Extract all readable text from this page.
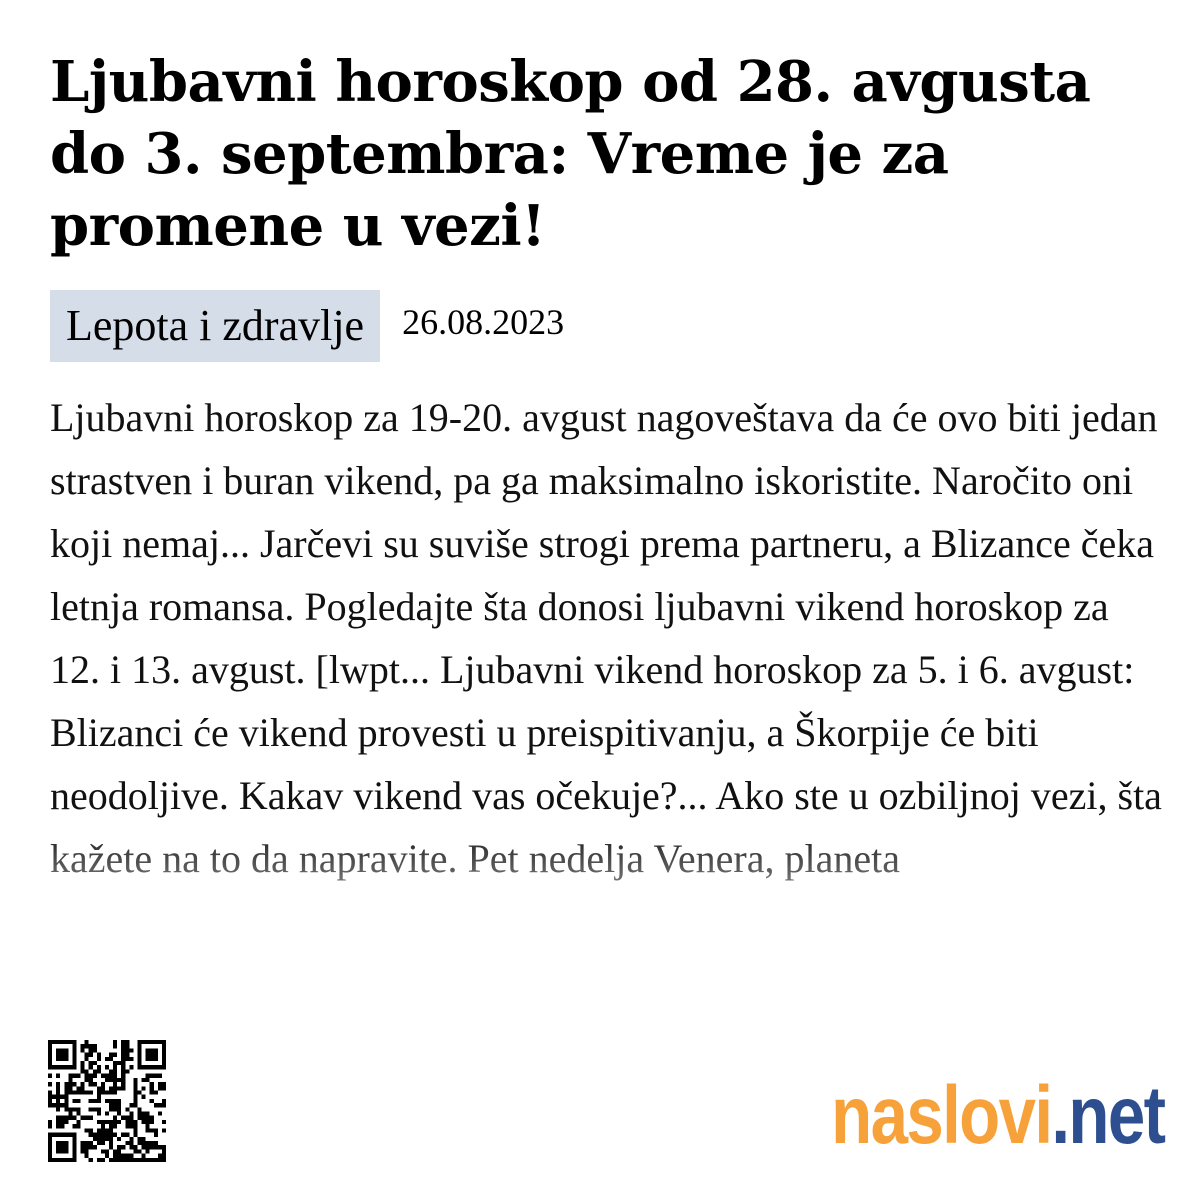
Ljubavni horoskop od 28. avgusta do 3. septembra: Vreme je za promene u vezi!
Lepota i zdravlje	26.08.2023

Ljubavni horoskop za 19-20. avgust nagoveštava da će ovo biti jedan strastven i buran vikend, pa ga maksimalno iskoristite. Naročito oni koji nemaj... Jarčevi su suviše strogi prema partneru, a Blizance čeka letnja romansa. Pogledajte šta donosi ljubavni vikend horoskop za 12. i 13. avgust. [lwpt... Ljubavni vikend horoskop za 5. i 6. avgust: Blizanci će vikend provesti u preispitivanju, a Škorpije će biti neodoljive. Kakav vikend vas očekuje?... Ako ste u ozbiljnoj vezi, šta kažete na to da napravite. Pet nedelja Venera, planeta

naslovi.net
